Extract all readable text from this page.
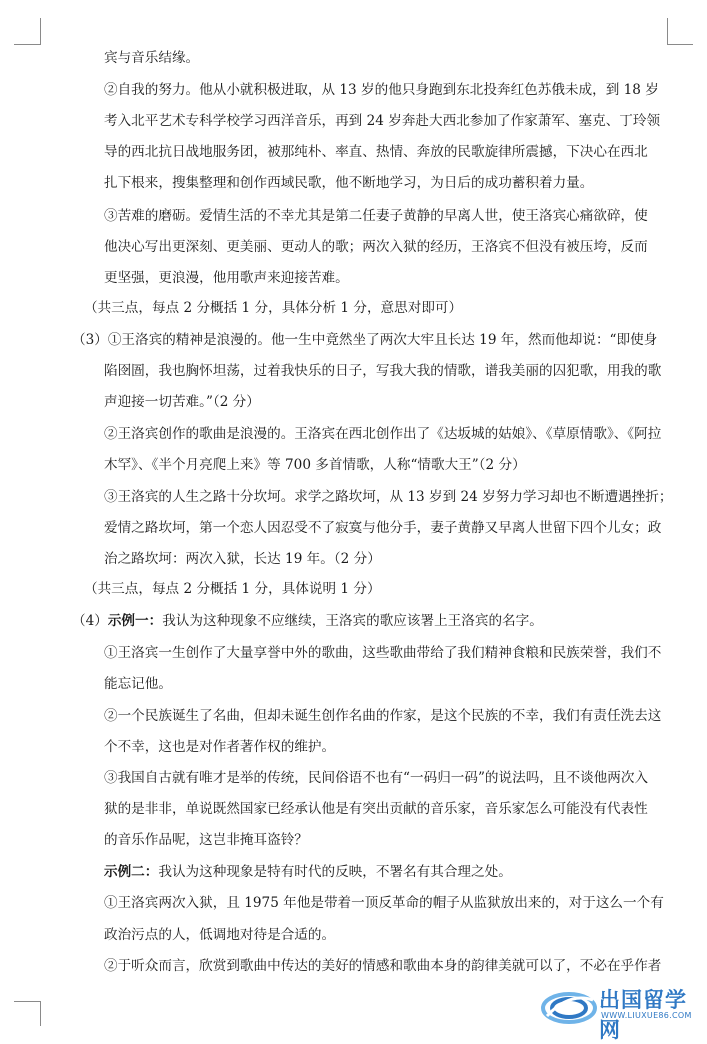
宾与音乐结缘。
②自我的努力。他从小就积极进取，从 13 岁的他只身跑到东北投奔红色苏俄未成，到 18 岁
考入北平艺术专科学校学习西洋音乐，再到 24 岁奔赴大西北参加了作家萧军、塞克、丁玲领
导的西北抗日战地服务团，被那纯朴、率直、热情、奔放的民歌旋律所震撼，下决心在西北
扎下根来，搜集整理和创作西域民歌，他不断地学习，为日后的成功蓄积着力量。
③苦难的磨砺。爱情生活的不幸尤其是第二任妻子黄静的早离人世，使王洛宾心痛欲碎，使
他决心写出更深刻、更美丽、更动人的歌；两次入狱的经历，王洛宾不但没有被压垮，反而
更坚强，更浪漫，他用歌声来迎接苦难。
（共三点，每点 2 分概括 1 分，具体分析 1 分，意思对即可）
（3）①王洛宾的精神是浪漫的。他一生中竟然坐了两次大牢且长达 19 年，然而他却说：“即使身
陷囹圄，我也胸怀坦荡，过着我快乐的日子，写我大我的情歌，谱我美丽的囚犯歌，用我的歌
声迎接一切苦难。”（2 分）
②王洛宾创作的歌曲是浪漫的。王洛宾在西北创作出了《达坂城的姑娘》、《草原情歌》、《阿拉
木罕》、《半个月亮爬上来》等 700 多首情歌，人称“情歌大王”（2 分）
③王洛宾的人生之路十分坎坷。求学之路坎坷，从 13 岁到 24 岁努力学习却也不断遭遇挫折；
爱情之路坎坷，第一个恋人因忍受不了寂寞与他分手，妻子黄静又早离人世留下四个儿女；政
治之路坎坷：两次入狱，长达 19 年。（2 分）
（共三点，每点 2 分概括 1 分，具体说明 1 分）
（4）示例一：我认为这种现象不应继续，王洛宾的歌应该署上王洛宾的名字。
①王洛宾一生创作了大量享誉中外的歌曲，这些歌曲带给了我们精神食粮和民族荣誉，我们不
能忘记他。
②一个民族诞生了名曲，但却未诞生创作名曲的作家，是这个民族的不幸，我们有责任洗去这
个不幸，这也是对作者著作权的维护。
③我国自古就有唯才是举的传统，民间俗语不也有“一码归一码”的说法吗，且不谈他两次入
狱的是非非，单说既然国家已经承认他是有突出贡献的音乐家，音乐家怎么可能没有代表性
的音乐作品呢，这岂非掩耳盗铃？
示例二：我认为这种现象是特有时代的反映，不署名有其合理之处。
①王洛宾两次入狱，且 1975 年他是带着一顶反革命的帽子从监狱放出来的，对于这么一个有
政治污点的人，低调地对待是合适的。
②于听众而言，欣赏到歌曲中传达的美好的情感和歌曲本身的韵律美就可以了，不必在乎作者
出国留学网
WWW.LIUXUE86.COM
